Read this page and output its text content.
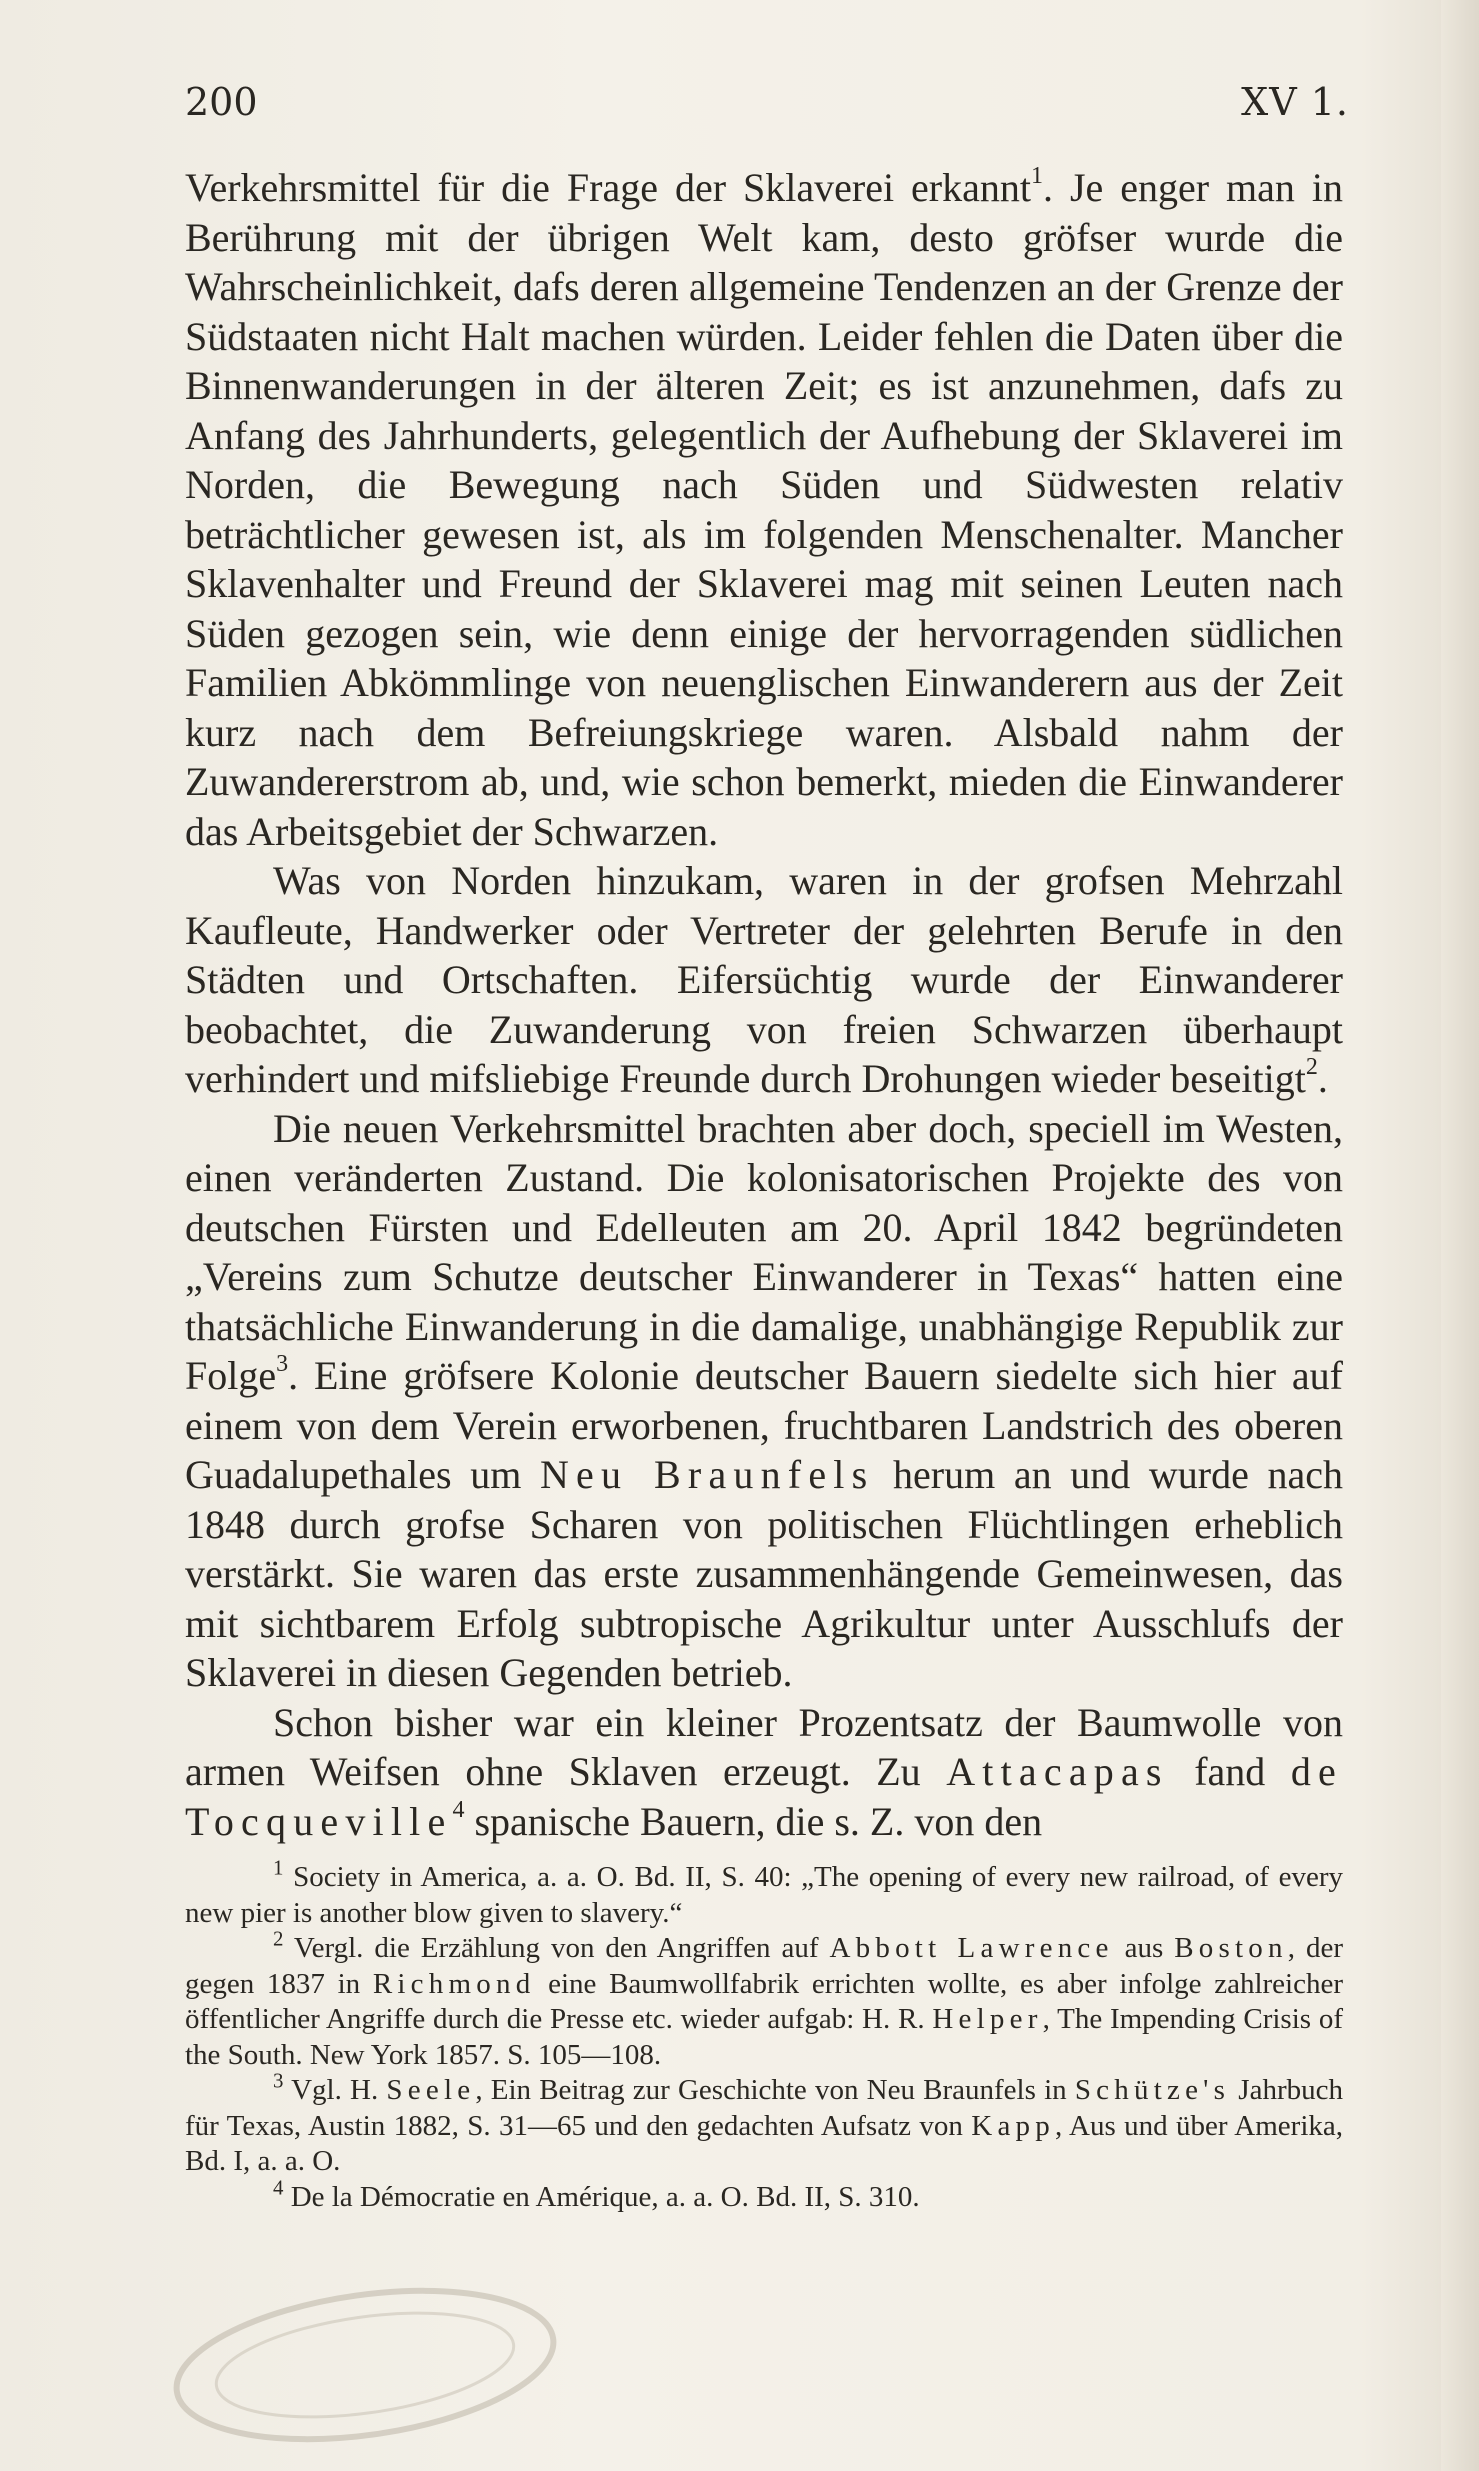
200	XV 1.

Verkehrsmittel für die Frage der Sklaverei erkannt$^1$. Je enger man in Berührung mit der übrigen Welt kam, desto gröfser wurde die Wahrscheinlichkeit, dafs deren allgemeine Tendenzen an der Grenze der Südstaaten nicht Halt machen würden. Leider fehlen die Daten über die Binnenwanderungen in der älteren Zeit; es ist anzunehmen, dafs zu Anfang des Jahrhunderts, gelegentlich der Aufhebung der Sklaverei im Norden, die Bewegung nach Süden und Südwesten relativ beträchtlicher gewesen ist, als im folgenden Menschenalter. Mancher Sklavenhalter und Freund der Sklaverei mag mit seinen Leuten nach Süden gezogen sein, wie denn einige der hervorragenden südlichen Familien Abkömmlinge von neuenglischen Einwanderern aus der Zeit kurz nach dem Befreiungskriege waren. Alsbald nahm der Zuwandererstrom ab, und, wie schon bemerkt, mieden die Einwanderer das Arbeitsgebiet der Schwarzen.

Was von Norden hinzukam, waren in der grofsen Mehrzahl Kaufleute, Handwerker oder Vertreter der gelehrten Berufe in den Städten und Ortschaften. Eifersüchtig wurde der Einwanderer beobachtet, die Zuwanderung von freien Schwarzen überhaupt verhindert und mifsliebige Freunde durch Drohungen wieder beseitigt$^2$.

Die neuen Verkehrsmittel brachten aber doch, speciell im Westen, einen veränderten Zustand. Die kolonisatorischen Projekte des von deutschen Fürsten und Edelleuten am 20. April 1842 begründeten „Vereins zum Schutze deutscher Einwanderer in Texas“ hatten eine thatsächliche Einwanderung in die damalige, unabhängige Republik zur Folge$^3$. Eine gröfsere Kolonie deutscher Bauern siedelte sich hier auf einem von dem Verein erworbenen, fruchtbaren Landstrich des oberen Guadalupethales um Neu Braunfels herum an und wurde nach 1848 durch grofse Scharen von politischen Flüchtlingen erheblich verstärkt. Sie waren das erste zusammenhängende Gemeinwesen, das mit sichtbarem Erfolg subtropische Agrikultur unter Ausschlufs der Sklaverei in diesen Gegenden betrieb.

Schon bisher war ein kleiner Prozentsatz der Baumwolle von armen Weifsen ohne Sklaven erzeugt. Zu Attacapas fand de Tocqueville$^4$ spanische Bauern, die s. Z. von den

$^1$ Society in America, a. a. O. Bd. II, S. 40: „The opening of every new railroad, of every new pier is another blow given to slavery.“

$^2$ Vergl. die Erzählung von den Angriffen auf Abbott Lawrence aus Boston, der gegen 1837 in Richmond eine Baumwollfabrik errichten wollte, es aber infolge zahlreicher öffentlicher Angriffe durch die Presse etc. wieder aufgab: H. R. Helper, The Impending Crisis of the South. New York 1857. S. 105—108.

$^3$ Vgl. H. Seele, Ein Beitrag zur Geschichte von Neu Braunfels in Schütze's Jahrbuch für Texas, Austin 1882, S. 31—65 und den gedachten Aufsatz von Kapp, Aus und über Amerika, Bd. I, a. a. O.

$^4$ De la Démocratie en Amérique, a. a. O. Bd. II, S. 310.
